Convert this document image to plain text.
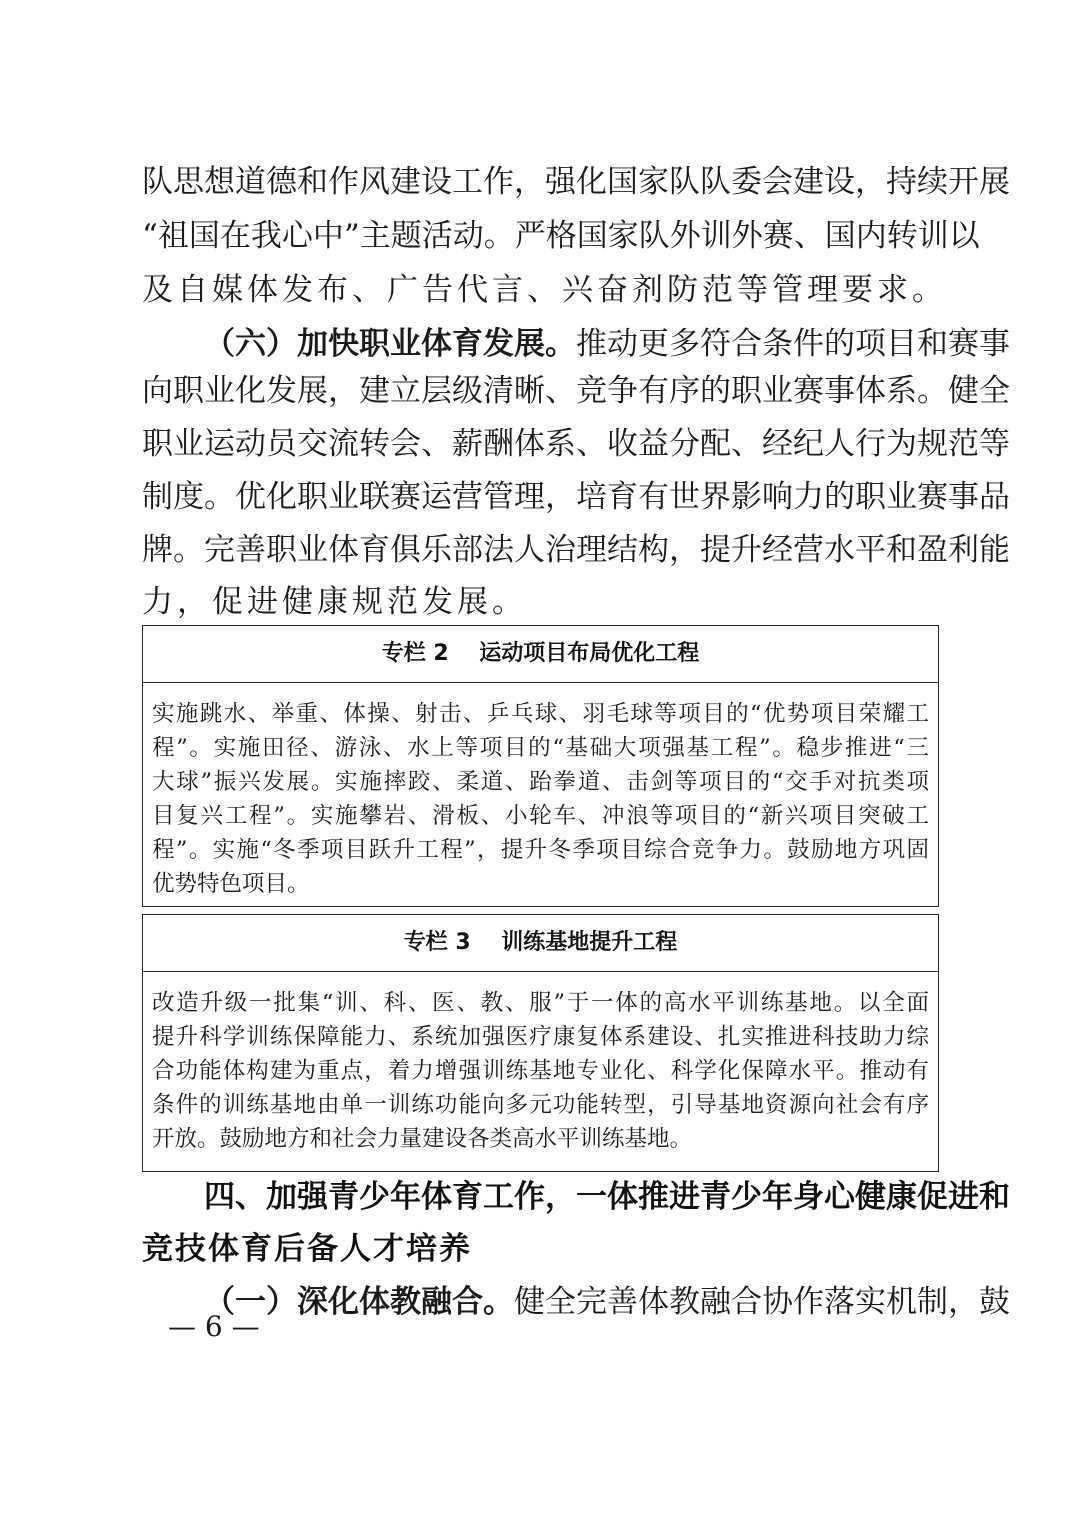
队思想道德和作风建设工作，强化国家队队委会建设，持续开展
“祖国在我心中”主题活动。严格国家队外训外赛、国内转训以
及自媒体发布、广告代言、兴奋剂防范等管理要求。
（六）加快职业体育发展。推动更多符合条件的项目和赛事
向职业化发展，建立层级清晰、竞争有序的职业赛事体系。健全
职业运动员交流转会、薪酬体系、收益分配、经纪人行为规范等
制度。优化职业联赛运营管理，培育有世界影响力的职业赛事品
牌。完善职业体育俱乐部法人治理结构，提升经营水平和盈利能
力，促进健康规范发展。
专栏 2    运动项目布局优化工程
实施跳水、举重、体操、射击、乒乓球、羽毛球等项目的“优势项目荣耀工
程”。实施田径、游泳、水上等项目的“基础大项强基工程”。稳步推进“三
大球”振兴发展。实施摔跤、柔道、跆拳道、击剑等项目的“交手对抗类项
目复兴工程”。实施攀岩、滑板、小轮车、冲浪等项目的“新兴项目突破工
程”。实施“冬季项目跃升工程”，提升冬季项目综合竞争力。鼓励地方巩固
优势特色项目。
专栏 3    训练基地提升工程
改造升级一批集“训、科、医、教、服”于一体的高水平训练基地。以全面
提升科学训练保障能力、系统加强医疗康复体系建设、扎实推进科技助力综
合功能体构建为重点，着力增强训练基地专业化、科学化保障水平。推动有
条件的训练基地由单一训练功能向多元功能转型，引导基地资源向社会有序
开放。鼓励地方和社会力量建设各类高水平训练基地。
四、加强青少年体育工作，一体推进青少年身心健康促进和
竞技体育后备人才培养
（一）深化体教融合。健全完善体教融合协作落实机制，鼓
— 6 —
